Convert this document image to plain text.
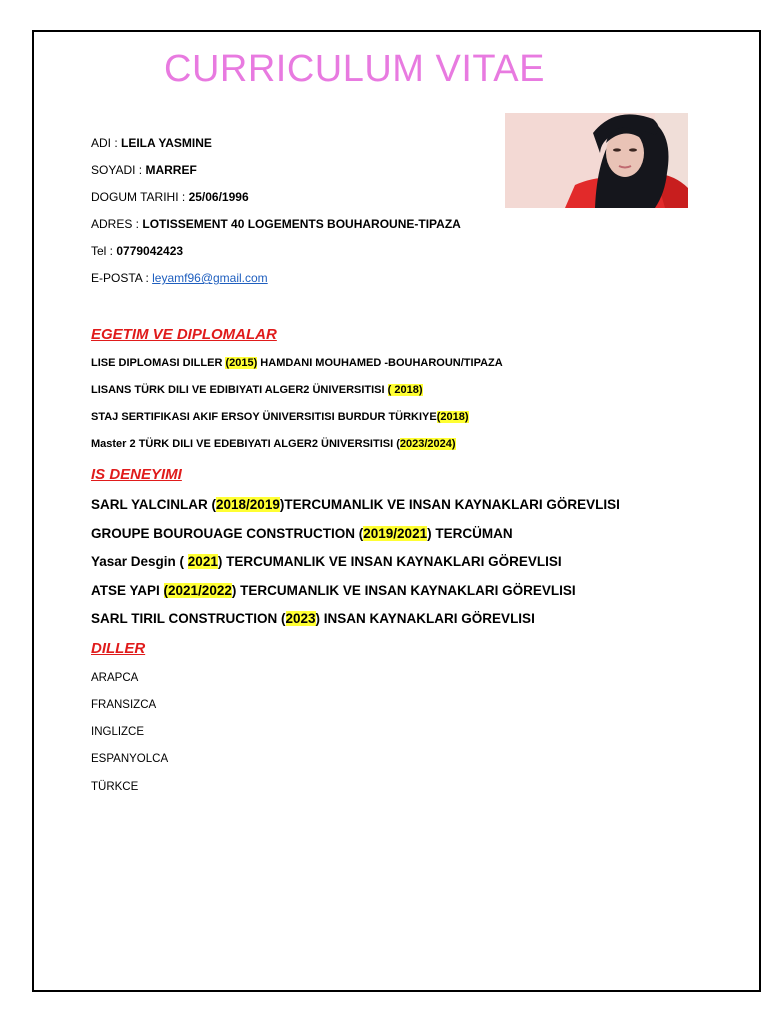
CURRICULUM VITAE
ADI : LEILA YASMINE
SOYADI : MARREF
DOGUM TARIHI : 25/06/1996
ADRES : LOTISSEMENT 40 LOGEMENTS BOUHAROUNE-TIPAZA
Tel : 0779042423
E-POSTA : leyamf96@gmail.com
EGETIM VE DIPLOMALAR
LISE DIPLOMASI DILLER (2015) HAMDANI MOUHAMED -BOUHAROUN/TIPAZA
LISANS TÜRK DILI VE EDIBIYATI ALGER2 ÜNIVERSITISI ( 2018)
STAJ SERTIFIKASI AKIF ERSOY ÜNIVERSITISI BURDUR TÜRKIYE(2018)
Master 2 TÜRK DILI VE EDEBIYATI ALGER2 ÜNIVERSITISI (2023/2024)
IS DENEYIMI
SARL YALCINLAR (2018/2019)TERCUMANLIK VE INSAN KAYNAKLARI GÖREVLISI
GROUPE BOUROUAGE CONSTRUCTION (2019/2021) TERCÜMAN
Yasar Desgin ( 2021) TERCUMANLIK VE INSAN KAYNAKLARI GÖREVLISI
ATSE YAPI (2021/2022) TERCUMANLIK VE INSAN KAYNAKLARI GÖREVLISI
SARL TIRIL CONSTRUCTION (2023) INSAN KAYNAKLARI GÖREVLISI
DILLER
ARAPCA
FRANSIZCA
INGLIZCE
ESPANYOLCA
TÜRKCE
